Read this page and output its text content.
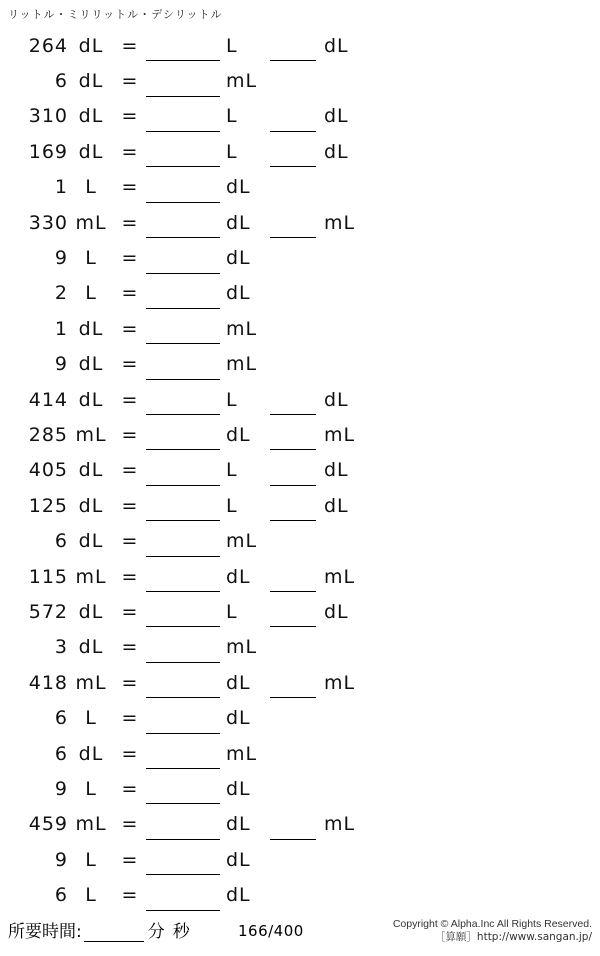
リットル・ミリリットル・デシリットル
264 dL =	L	dL
6 dL =	mL
310 dL =	L	dL
169 dL =	L	dL
1 L	=	dL
330 mL =	dL	mL
9 L	=	dL
2 L	=	dL
1 dL =	mL
9 dL =	mL
414 dL =	L	dL
285 mL =	dL	mL
405 dL =	L	dL
125 dL =	L	dL
6 dL =	mL
115 mL =	dL	mL
572 dL =	L	dL
3 dL =	mL
418 mL =	dL	mL
6 L	=	dL
6 dL =	mL
9 L	=	dL
459 mL =	dL	mL
9 L	=	dL
6 L	=	dL
所要時間:	分 秒	166/400	Copyright © Alpha.Inc All Rights Reserved.
［算願］http://www.sangan.jp/
